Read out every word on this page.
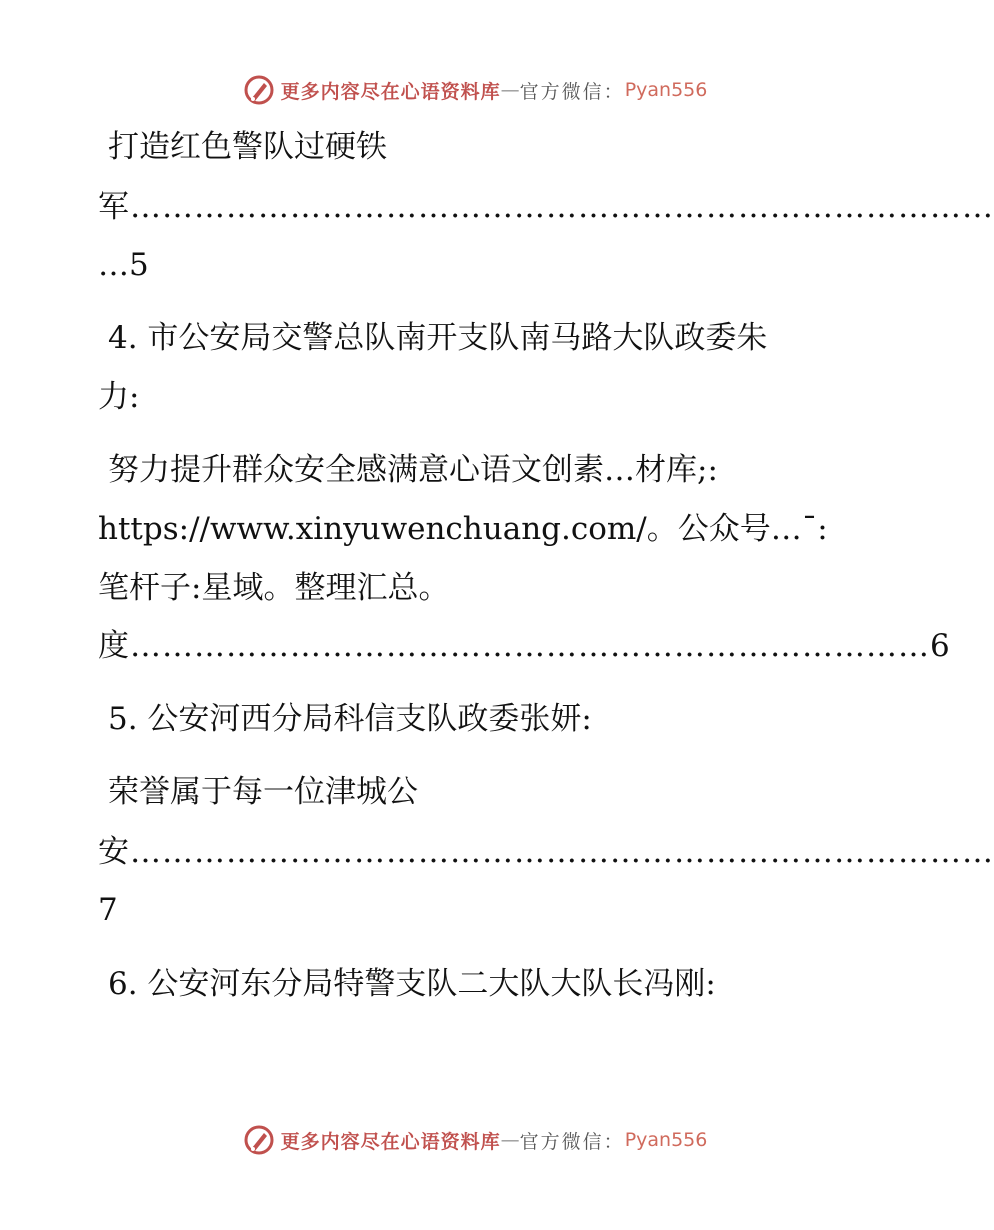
更多内容尽在心语资料库 — 官方微信： Pyan556
打造红色警队过硬铁
军………………………………………………………………………
…5
4. 市公安局交警总队南开支队南马路大队政委朱
力:
努力提升群众安全感满意心语文创素…材库;:
https://www.xinyuwenchuang.com/。公众号…¯:
笔杆子:星域。整理汇总。
度…………………………………………………………………6
5. 公安河西分局科信支队政委张妍:
荣誉属于每一位津城公
安………………………………………………………………………
7
6. 公安河东分局特警支队二大队大队长冯刚:
更多内容尽在心语资料库 — 官方微信： Pyan556
